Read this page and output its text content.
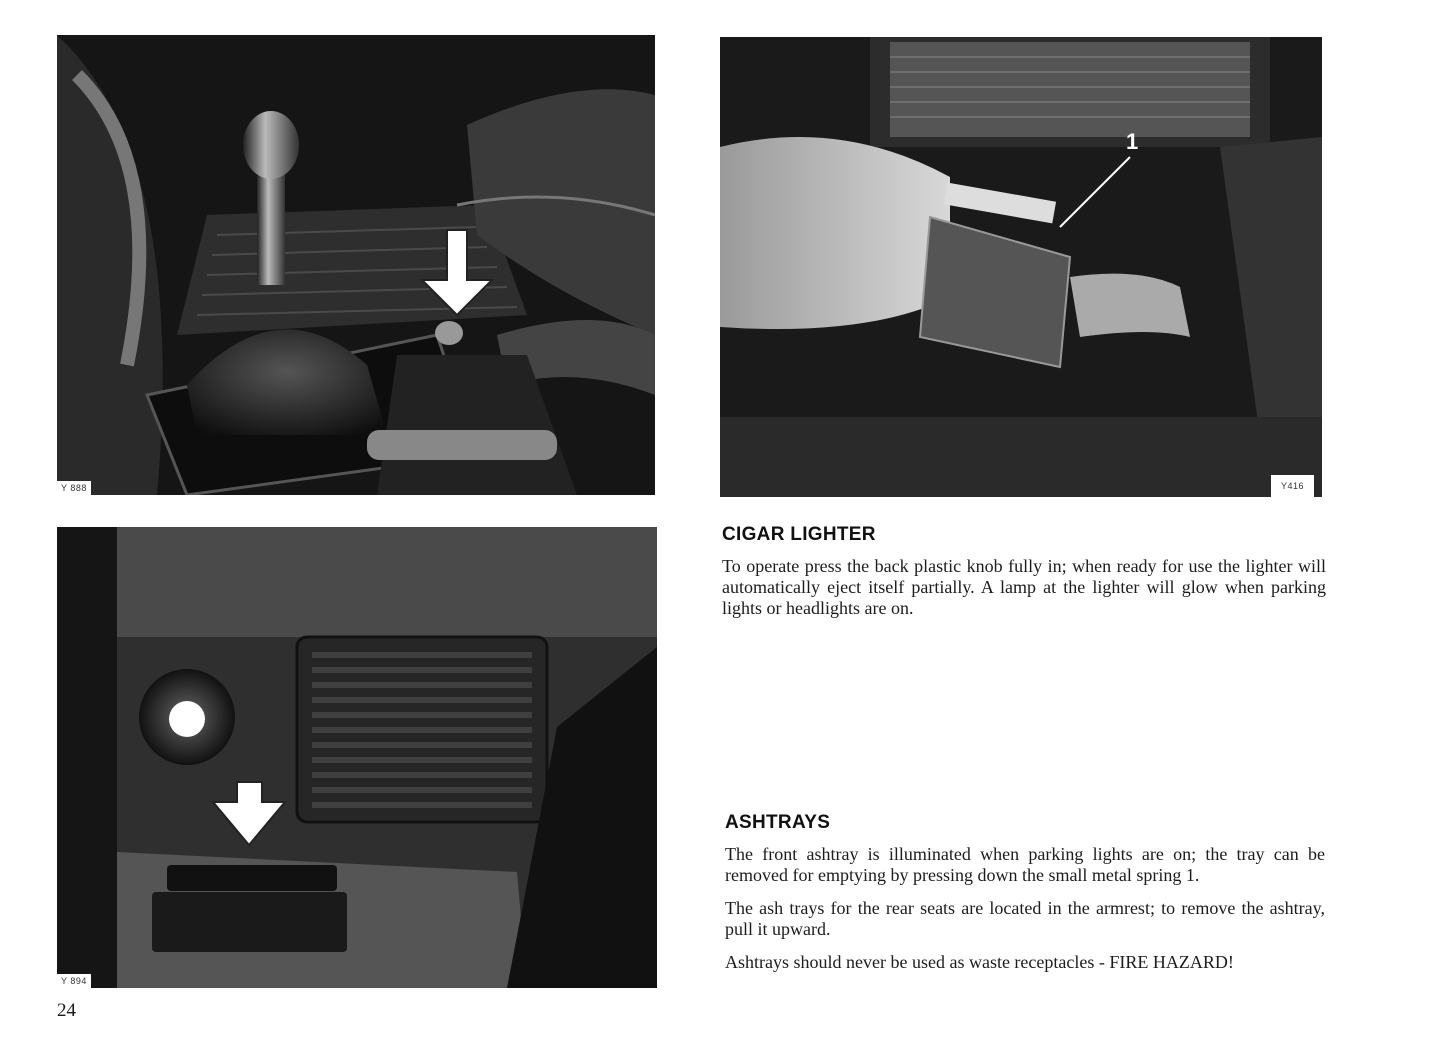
Y 888
1
Y416
Y 894
CIGAR LIGHTER
To operate press the back plastic knob fully in; when ready for use the lighter will automatically eject itself partially. A lamp at the lighter will glow when parking lights or headlights are on.
ASHTRAYS
The front ashtray is illuminated when parking lights are on; the tray can be removed for emptying by pressing down the small metal spring 1.
The ash trays for the rear seats are located in the armrest; to remove the ashtray, pull it upward.
Ashtrays should never be used as waste receptacles - FIRE HAZARD!
24
